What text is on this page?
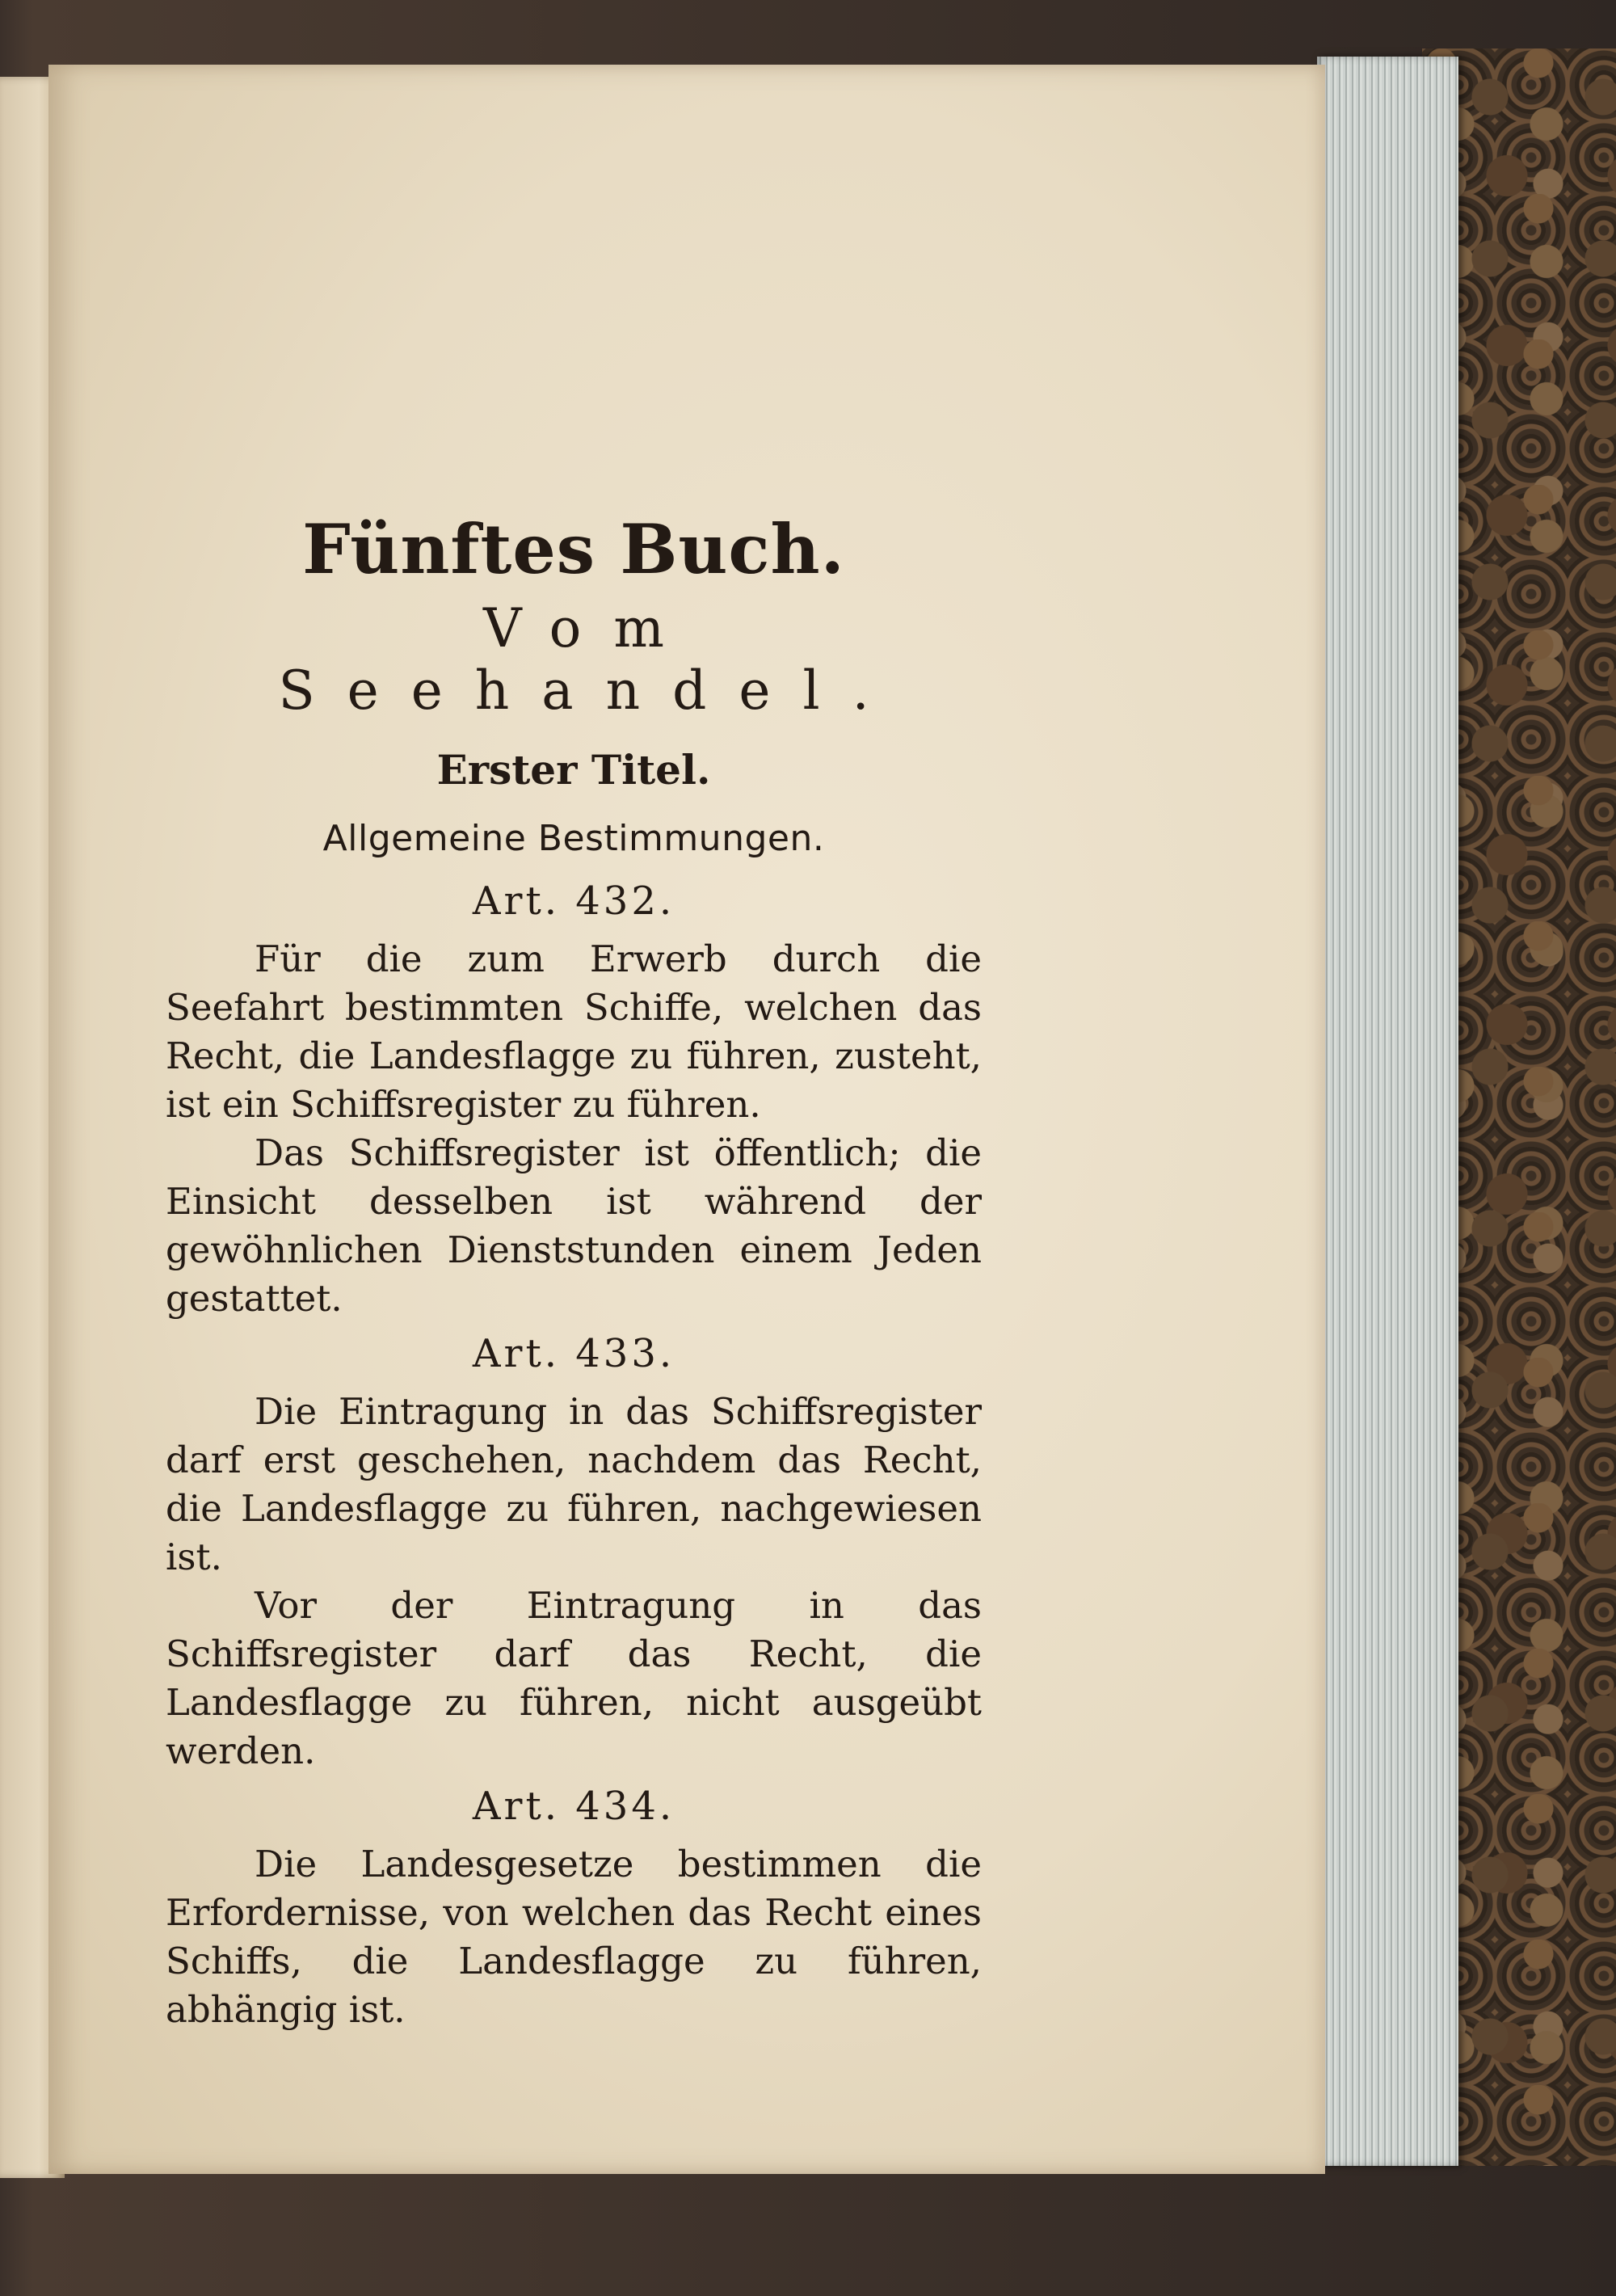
Fünftes Buch.
Vom Seehandel.
Erster Titel.
Allgemeine Bestimmungen.
Art. 432.

Für die zum Erwerb durch die Seefahrt bestimmten Schiffe, welchen das Recht, die Landesflagge zu führen, zusteht, ist ein Schiffsregister zu führen.

Das Schiffsregister ist öffentlich; die Einsicht desselben ist während der gewöhnlichen Dienststunden einem Jeden gestattet.

Art. 433.

Die Eintragung in das Schiffsregister darf erst geschehen, nachdem das Recht, die Landesflagge zu führen, nachgewiesen ist.

Vor der Eintragung in das Schiffsregister darf das Recht, die Landesflagge zu führen, nicht ausgeübt werden.

Art. 434.

Die Landesgesetze bestimmen die Erfordernisse, von welchen das Recht eines Schiffs, die Landesflagge zu führen, abhängig ist.
